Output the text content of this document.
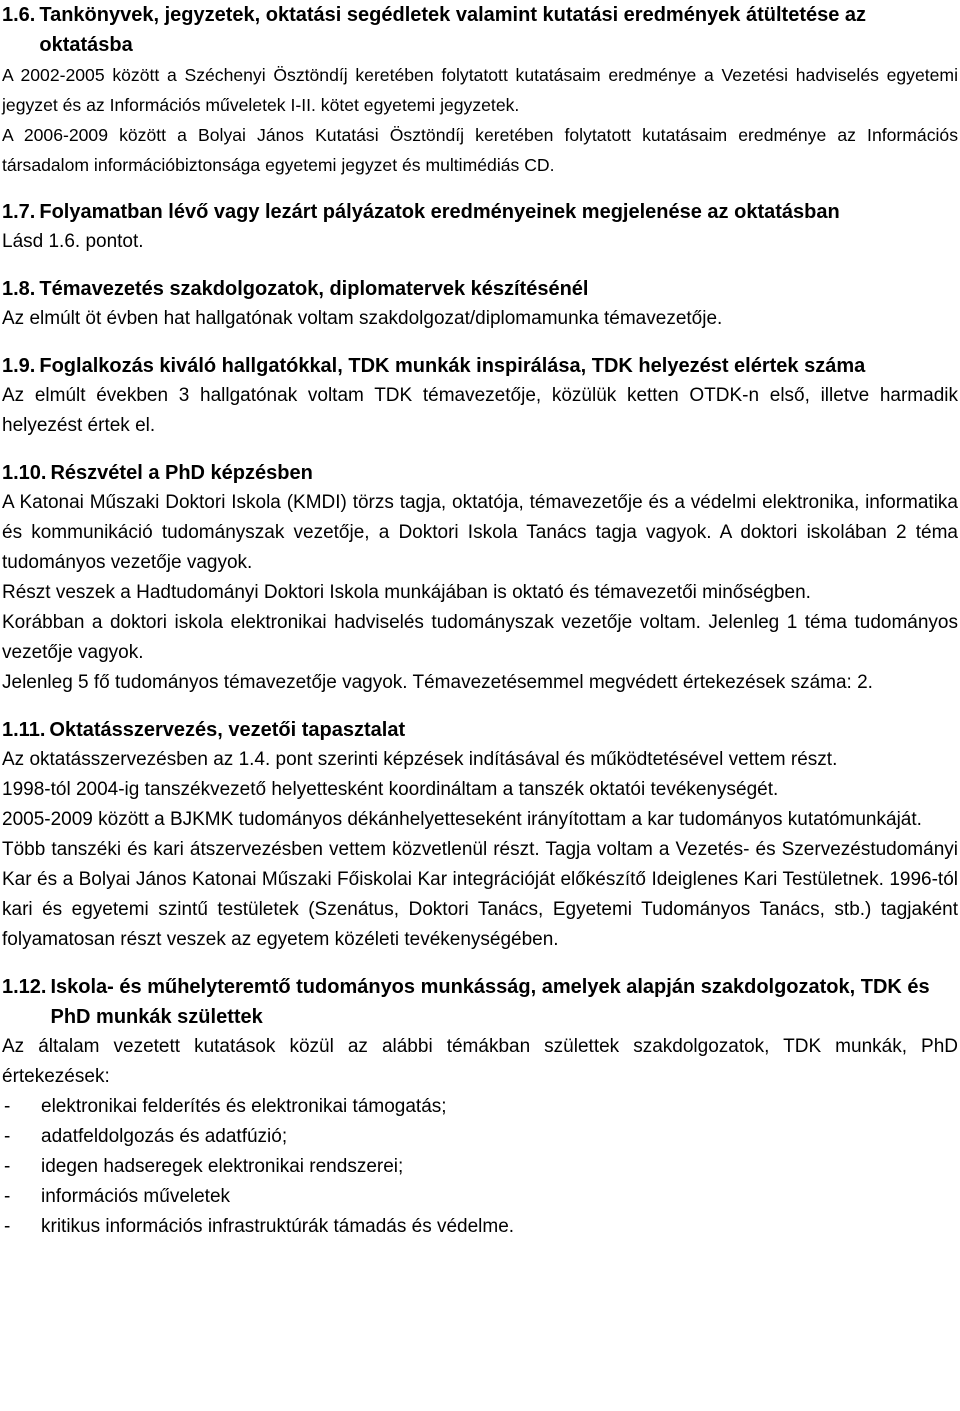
1.6. Tankönyvek, jegyzetek, oktatási segédletek valamint kutatási eredmények átültetése az oktatásba

A 2002-2005 között a Széchenyi Ösztöndíj keretében folytatott kutatásaim eredménye a Vezetési hadviselés egyetemi jegyzet és az Információs műveletek I-II. kötet egyetemi jegyzetek.

A 2006-2009 között a Bolyai János Kutatási Ösztöndíj keretében folytatott kutatásaim eredménye az Információs társadalom információbiztonsága egyetemi jegyzet és multimédiás CD.

1.7. Folyamatban lévő vagy lezárt pályázatok eredményeinek megjelenése az oktatásban

Lásd 1.6. pontot.

1.8. Témavezetés szakdolgozatok, diplomatervek készítésénél

Az elmúlt öt évben hat hallgatónak voltam szakdolgozat/diplomamunka témavezetője.

1.9. Foglalkozás kiváló hallgatókkal, TDK munkák inspirálása, TDK helyezést elértek száma

Az elmúlt években 3 hallgatónak voltam TDK témavezetője, közülük ketten OTDK-n első, illetve harmadik helyezést értek el.

1.10. Részvétel a PhD képzésben

A Katonai Műszaki Doktori Iskola (KMDI) törzs tagja, oktatója, témavezetője és a védelmi elektronika, informatika és kommunikáció tudományszak vezetője, a Doktori Iskola Tanács tagja vagyok. A doktori iskolában 2 téma tudományos vezetője vagyok.

Részt veszek a Hadtudományi Doktori Iskola munkájában is oktató és témavezetői minőségben.

Korábban a doktori iskola elektronikai hadviselés tudományszak vezetője voltam. Jelenleg 1 téma tudományos vezetője vagyok.

Jelenleg 5 fő tudományos témavezetője vagyok. Témavezetésemmel megvédett értekezések száma: 2.

1.11. Oktatásszervezés, vezetői tapasztalat

Az oktatásszervezésben az 1.4. pont szerinti képzések indításával és működtetésével vettem részt.

1998-tól 2004-ig tanszékvezető helyettesként koordináltam a tanszék oktatói tevékenységét.

2005-2009 között a BJKMK tudományos dékánhelyetteseként irányítottam a kar tudományos kutatómunkáját.

Több tanszéki és kari átszervezésben vettem közvetlenül részt. Tagja voltam a Vezetés- és Szervezéstudományi Kar és a Bolyai János Katonai Műszaki Főiskolai Kar integrációját előkészítő Ideiglenes Kari Testületnek. 1996-tól kari és egyetemi szintű testületek (Szenátus, Doktori Tanács, Egyetemi Tudományos Tanács, stb.) tagjaként folyamatosan részt veszek az egyetem közéleti tevékenységében.

1.12. Iskola- és műhelyteremtő tudományos munkásság, amelyek alapján szakdolgozatok, TDK és PhD munkák születtek

Az általam vezetett kutatások közül az alábbi témákban születtek szakdolgozatok, TDK munkák, PhD értekezések:

-	elektronikai felderítés és elektronikai támogatás;
-	adatfeldolgozás és adatfúzió;
-	idegen hadseregek elektronikai rendszerei;
-	információs műveletek
-	kritikus információs infrastruktúrák támadás és védelme.
